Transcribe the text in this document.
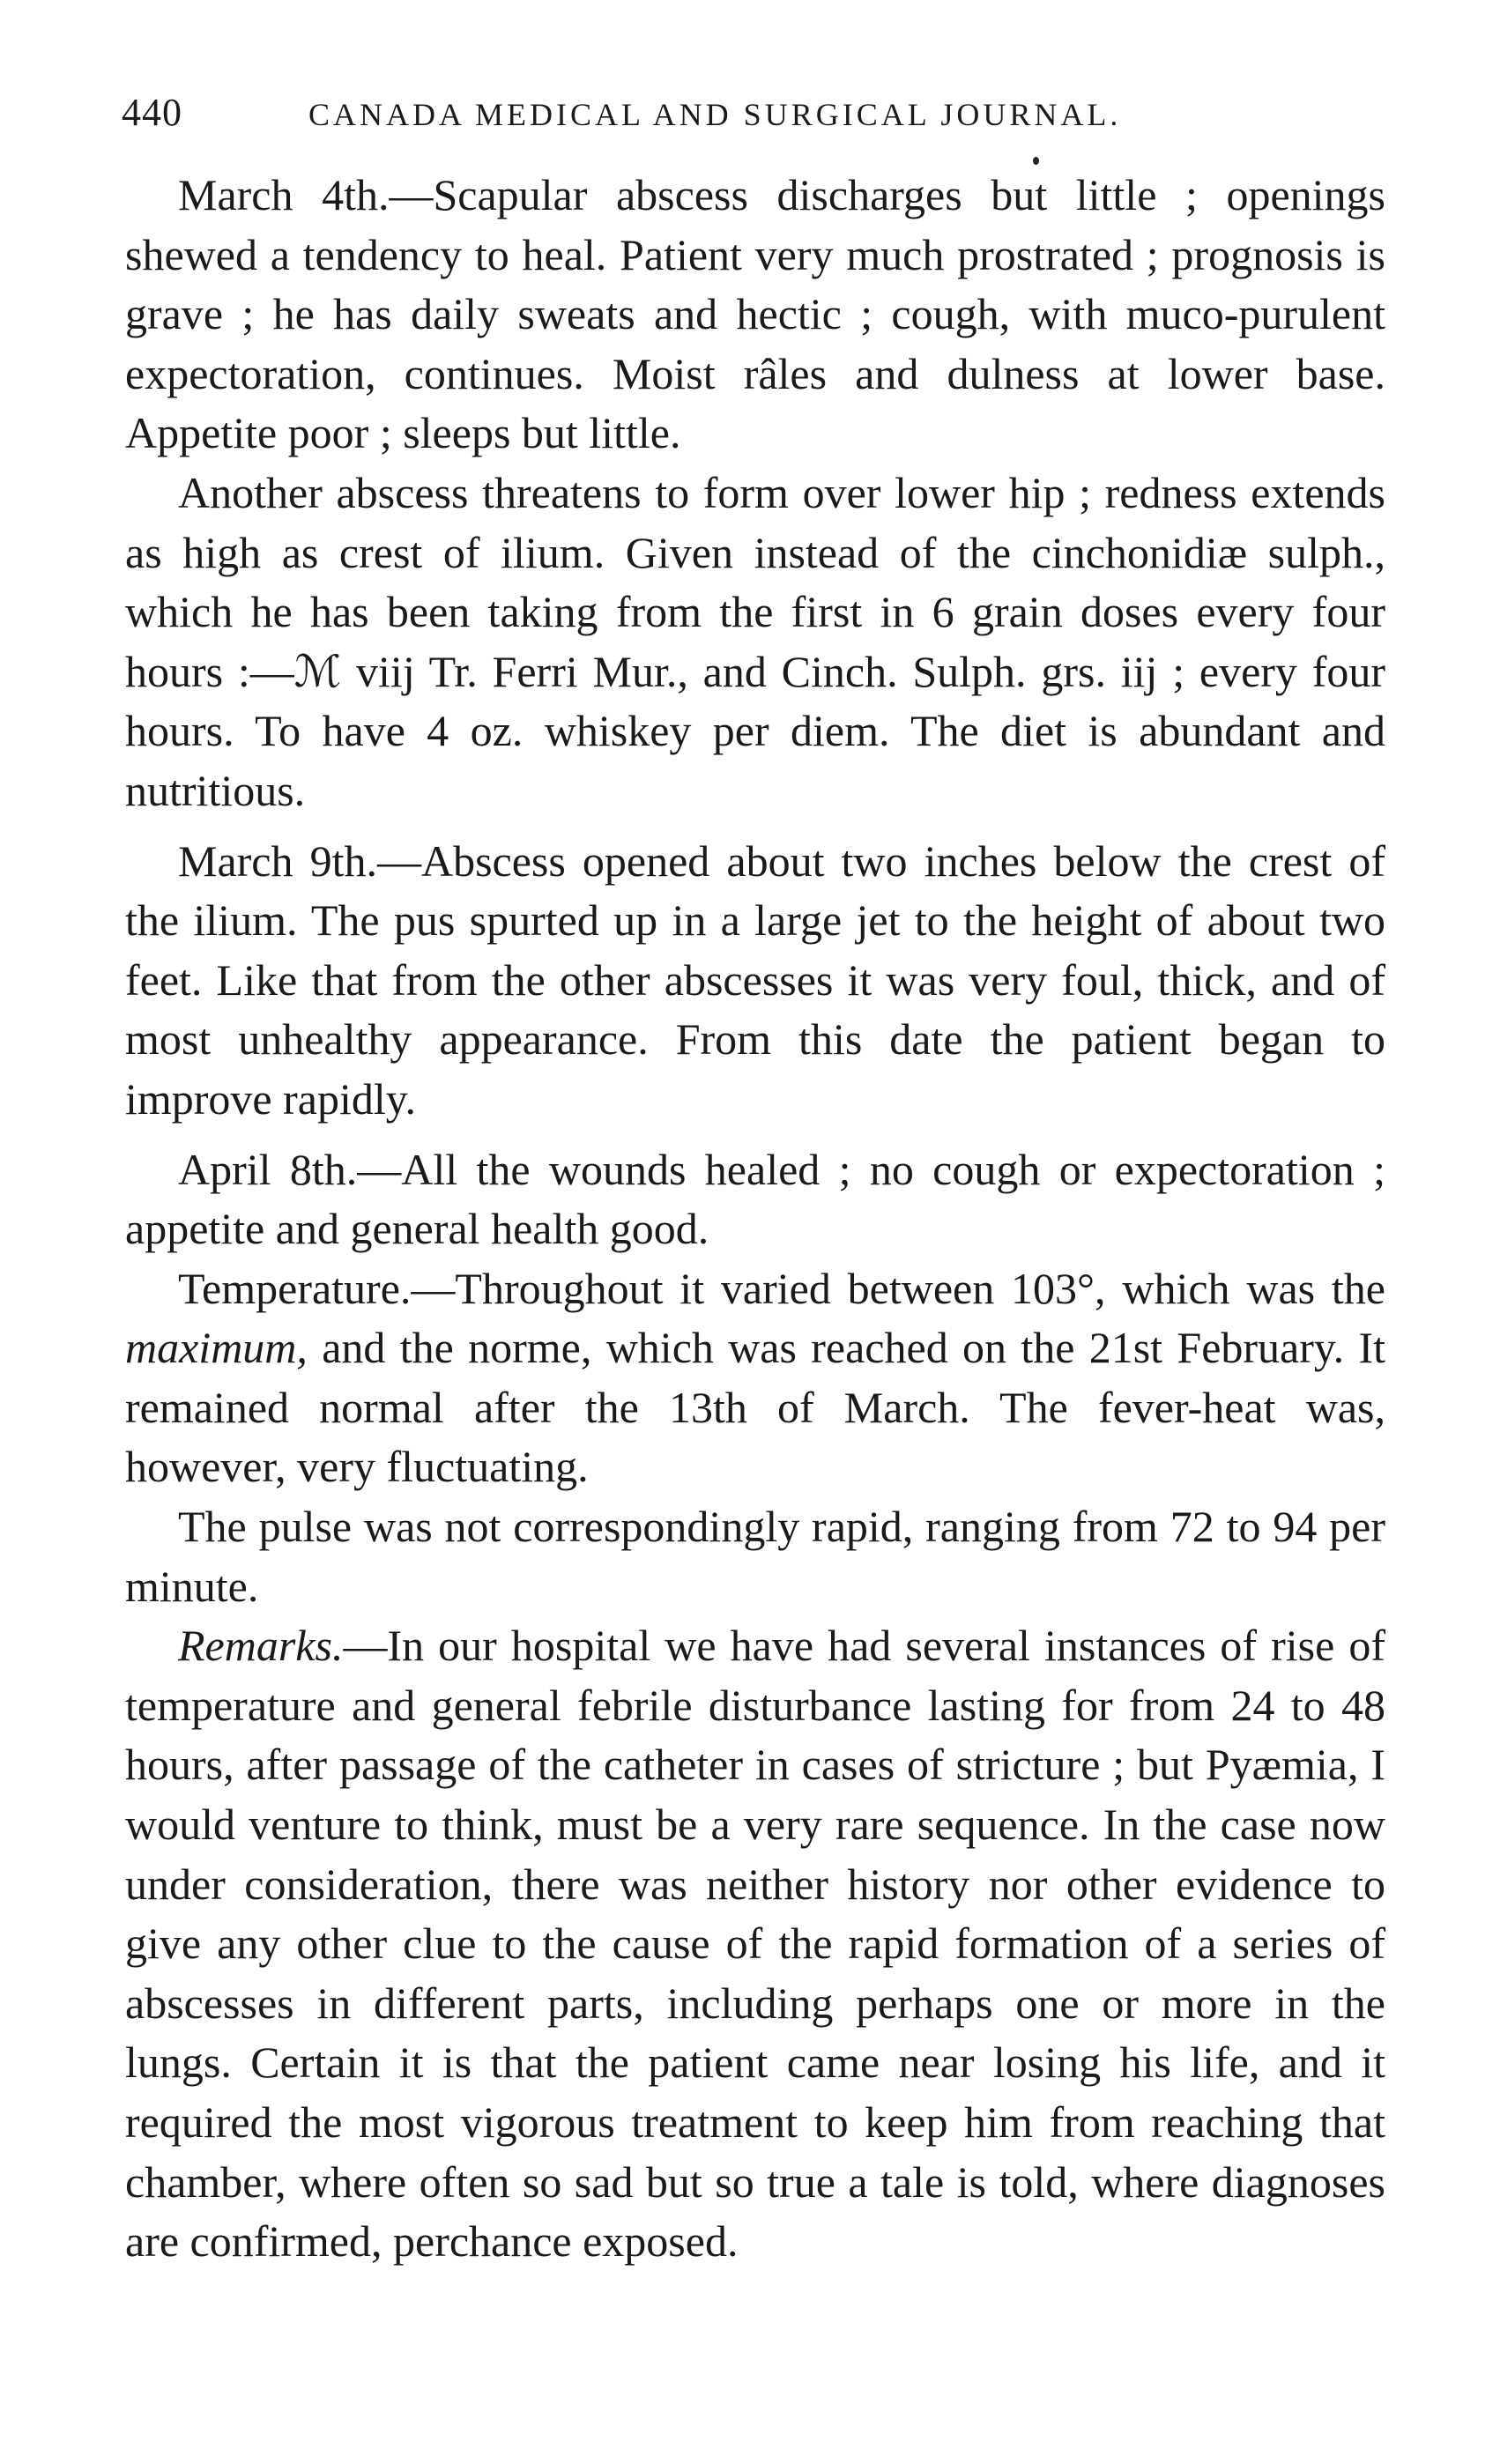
440	CANADA MEDICAL AND SURGICAL JOURNAL.

March 4th.—Scapular abscess discharges but little ; openings shewed a tendency to heal. Patient very much prostrated ; prognosis is grave ; he has daily sweats and hectic ; cough, with muco-purulent expectoration, continues. Moist râles and dulness at lower base. Appetite poor ; sleeps but little.

Another abscess threatens to form over lower hip ; redness extends as high as crest of ilium. Given instead of the cinchonidiæ sulph., which he has been taking from the first in 6 grain doses every four hours :—ℳ viij Tr. Ferri Mur., and Cinch. Sulph. grs. iij ; every four hours. To have 4 oz. whiskey per diem. The diet is abundant and nutritious.

March 9th.—Abscess opened about two inches below the crest of the ilium. The pus spurted up in a large jet to the height of about two feet. Like that from the other abscesses it was very foul, thick, and of most unhealthy appearance. From this date the patient began to improve rapidly.

April 8th.—All the wounds healed ; no cough or expectoration ; appetite and general health good.

Temperature.—Throughout it varied between 103°, which was the maximum, and the norme, which was reached on the 21st February. It remained normal after the 13th of March. The fever-heat was, however, very fluctuating.

The pulse was not correspondingly rapid, ranging from 72 to 94 per minute.

Remarks.—In our hospital we have had several instances of rise of temperature and general febrile disturbance lasting for from 24 to 48 hours, after passage of the catheter in cases of stricture ; but Pyæmia, I would venture to think, must be a very rare sequence. In the case now under consideration, there was neither history nor other evidence to give any other clue to the cause of the rapid formation of a series of abscesses in different parts, including perhaps one or more in the lungs. Certain it is that the patient came near losing his life, and it required the most vigorous treatment to keep him from reaching that chamber, where often so sad but so true a tale is told, where diagnoses are confirmed, perchance exposed.
